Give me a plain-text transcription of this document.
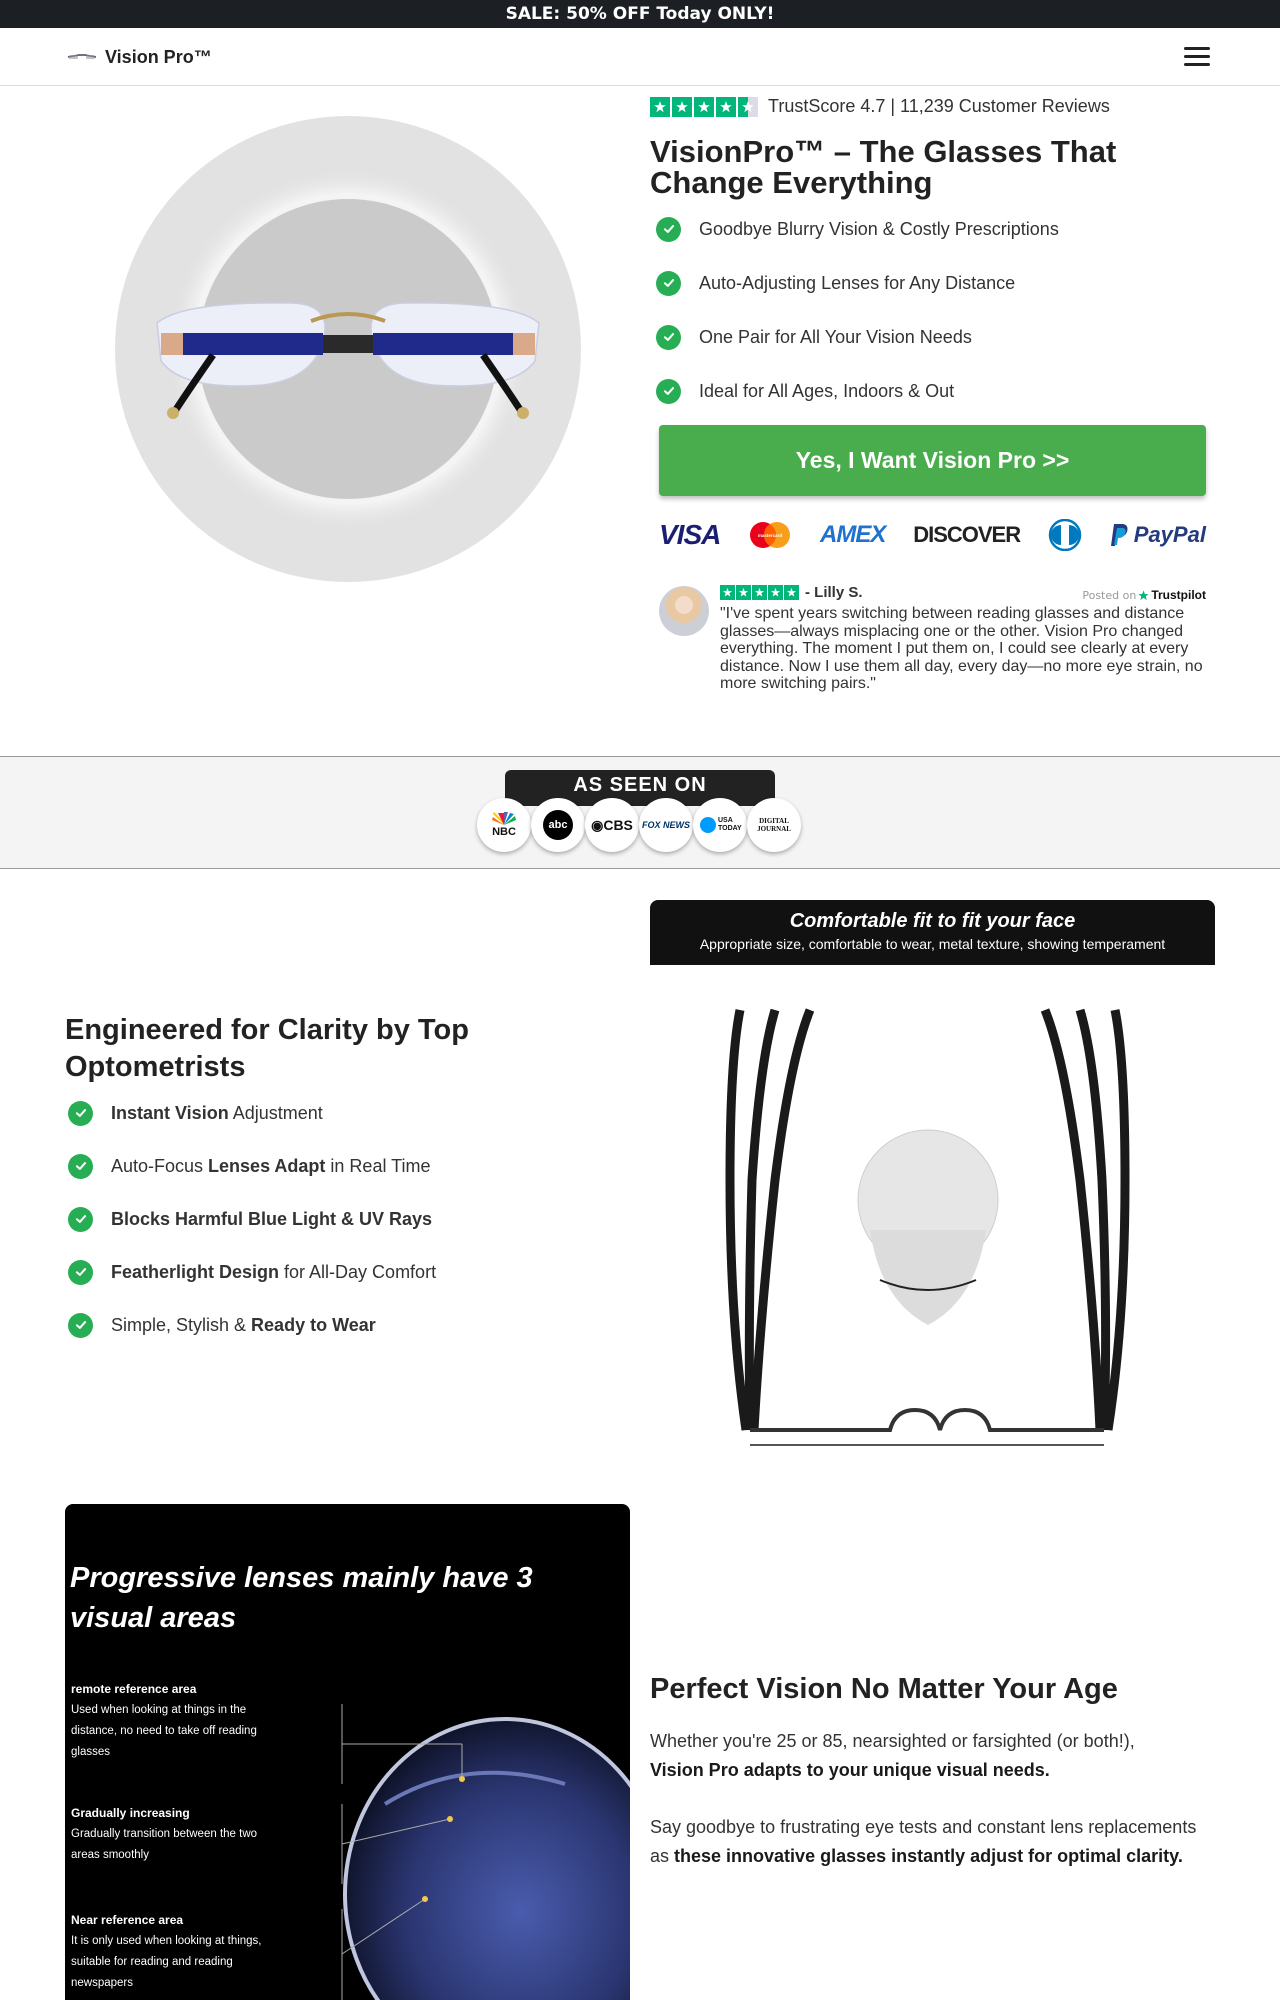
SALE: 50% OFF Today ONLY!
Vision Pro™
TrustScore 4.7 | 11,239 Customer Reviews
VisionPro™ – The Glasses That Change Everything
Goodbye Blurry Vision & Costly Prescriptions
Auto-Adjusting Lenses for Any Distance
One Pair for All Your Vision Needs
Ideal for All Ages, Indoors & Out
Yes, I Want Vision Pro >>
VISA	mastercard AMEX DISCOVER	PayPal
- Lilly S.	Posted on Trustpilot

"I've spent years switching between reading glasses and distance glasses—always misplacing one or the other. Vision Pro changed everything. The moment I put them on, I could see clearly at every distance. Now I use them all day, every day—no more eye strain, no more switching pairs."

AS SEEN ON
NBC
abc	◉ CBS FOX NEWS	USA TODAY
DIGITAL JOURNAL
Comfortable fit to fit your face
Appropriate size, comfortable to wear, metal texture, showing temperament
Engineered for Clarity by Top Optometrists
Instant Vision Adjustment
Auto-Focus Lenses Adapt in Real Time
Blocks Harmful Blue Light & UV Rays
Featherlight Design for All-Day Comfort
Simple, Stylish & Ready to Wear
Progressive lenses mainly have 3 visual areas
remote reference area
Used when looking at things in the distance, no need to take off reading glasses
Gradually increasing
Gradually transition between the two areas smoothly
Near reference area
It is only used when looking at things, suitable for reading and reading newspapers
Perfect Vision No Matter Your Age

Whether you're 25 or 85, nearsighted or farsighted (or both!),
Vision Pro adapts to your unique visual needs.

Say goodbye to frustrating eye tests and constant lens replacements as these innovative glasses instantly adjust for optimal clarity.
